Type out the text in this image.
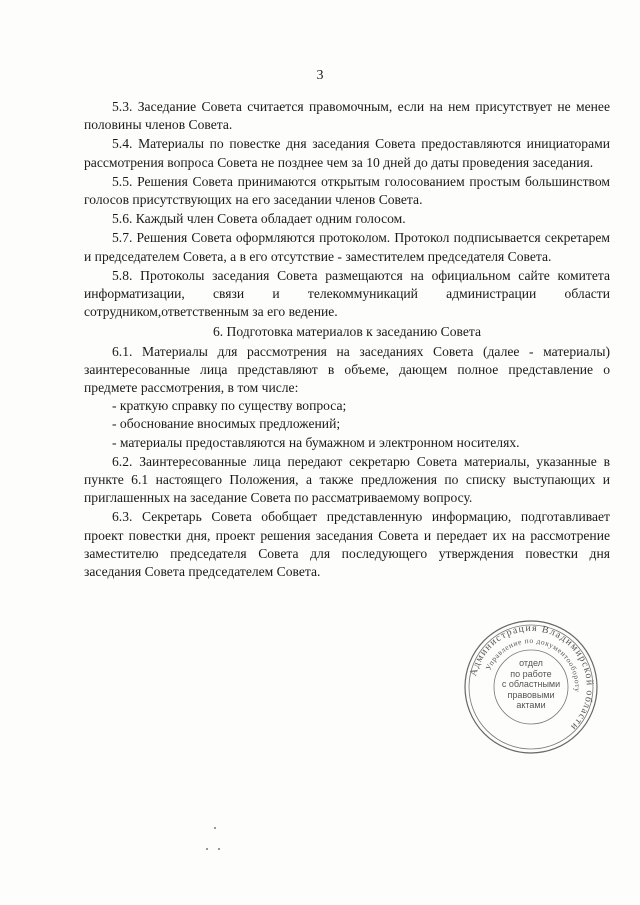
3

5.3. Заседание Совета считается правомочным, если на нем присутствует не менее половины членов Совета.

5.4. Материалы по повестке дня заседания Совета предоставляются инициаторами рассмотрения вопроса Совета не позднее чем за 10 дней до даты проведения заседания.

5.5. Решения Совета принимаются открытым голосованием простым большинством голосов присутствующих на его заседании членов Совета.

5.6. Каждый член Совета обладает одним голосом.

5.7. Решения Совета оформляются протоколом. Протокол подписывается секретарем и председателем Совета, а в его отсутствие - заместителем председателя Совета.

5.8. Протоколы заседания Совета размещаются на официальном сайте комитета информатизации, связи и телекоммуникаций администрации области сотрудником,ответственным за его ведение.

6. Подготовка материалов к заседанию Совета

6.1. Материалы для рассмотрения на заседаниях Совета (далее - материалы) заинтересованные лица представляют в объеме, дающем полное представление о предмете рассмотрения, в том числе:

- краткую справку по существу вопроса;

- обоснование вносимых предложений;

- материалы предоставляются на бумажном и электронном носителях.

6.2. Заинтересованные лица передают секретарю Совета материалы, указанные в пункте 6.1 настоящего Положения, а также предложения по списку выступающих и приглашенных на заседание Совета по рассматриваемому вопросу.

6.3. Секретарь Совета обобщает представленную информацию, подготавливает проект повестки дня, проект решения заседания Совета и передает их на рассмотрение заместителю председателя Совета для последующего утверждения повестки дня заседания Совета председателем Совета.

Администрация Владимирской области
Управление по документообороту
отдел
по работе
с областными
правовыми
актами
